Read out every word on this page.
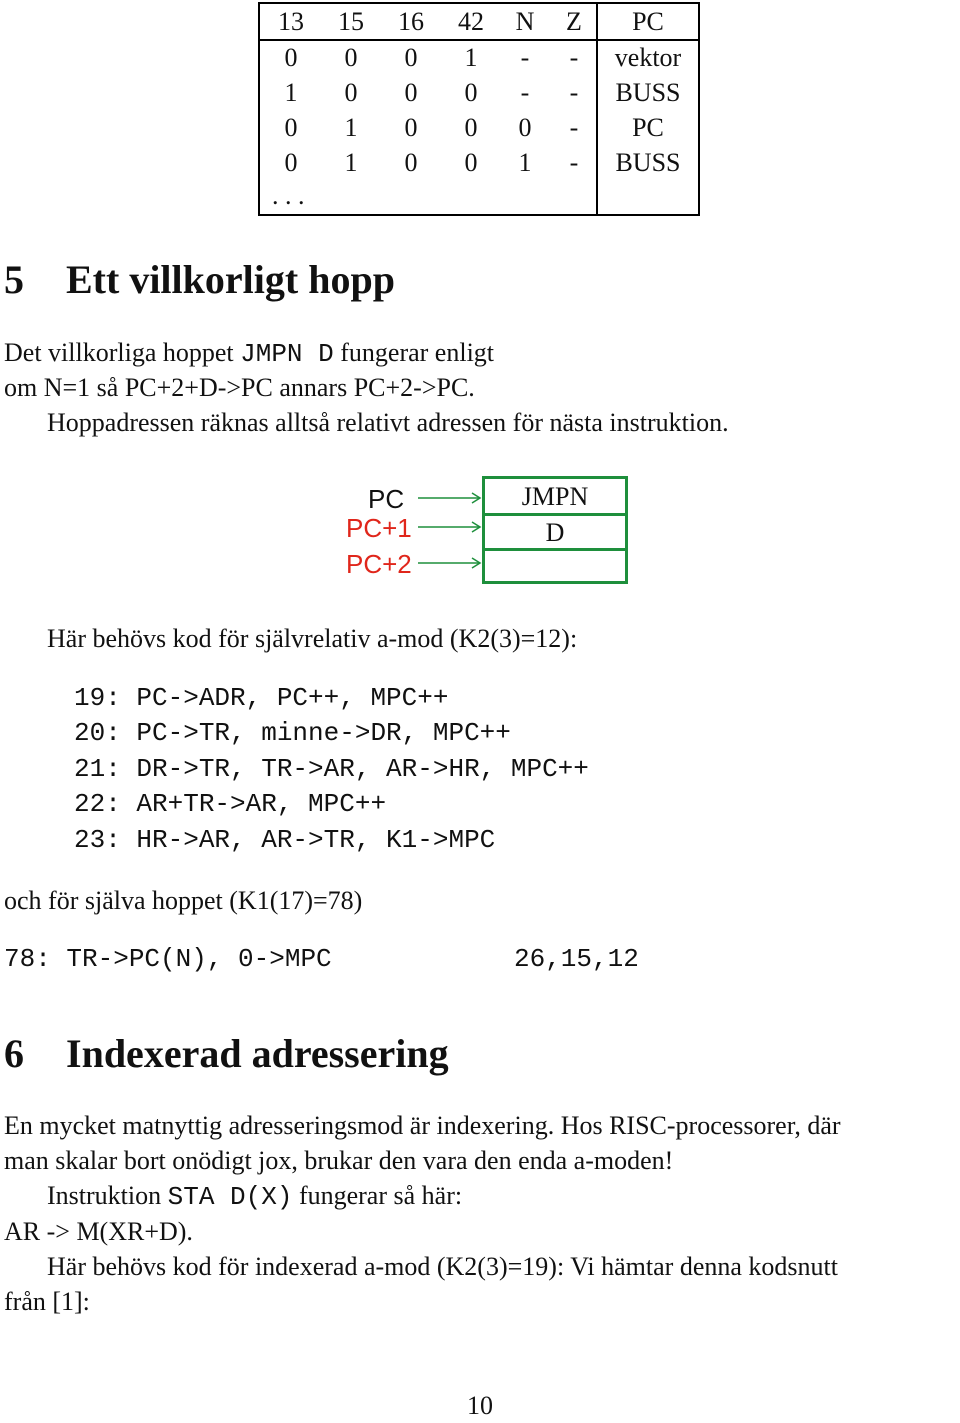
13	15	16	42	N	Z	PC
0	0	0	1	-	-	vektor
1	0	0	0	-	-	BUSS
0	1	0	0	0	-	PC
0	1	0	0	1	-	BUSS
. . .
5 Ett villkorligt hopp
Det villkorliga hoppet JMPN D fungerar enligt
om N=1 så PC+2+D->PC annars PC+2->PC.
Hoppadressen räknas alltså relativt adressen för nästa instruktion.
PC
PC+1
PC+2
JMPN
D
Här behövs kod för självrelativ a-mod (K2(3)=12):
19: PC->ADR, PC++, MPC++
20: PC->TR, minne->DR, MPC++
21: DR->TR, TR->AR, AR->HR, MPC++
22: AR+TR->AR, MPC++
23: HR->AR, AR->TR, K1->MPC
och för själva hoppet (K1(17)=78)
78: TR->PC(N), 0->MPC	26,15,12
6 Indexerad adressering
En mycket matnyttig adresseringsmod är indexering. Hos RISC-processorer, där
man skalar bort onödigt jox, brukar den vara den enda a-moden!
Instruktion STA D(X) fungerar så här:
AR -> M(XR+D).
Här behövs kod för indexerad a-mod (K2(3)=19): Vi hämtar denna kodsnutt
från [1]:
10
